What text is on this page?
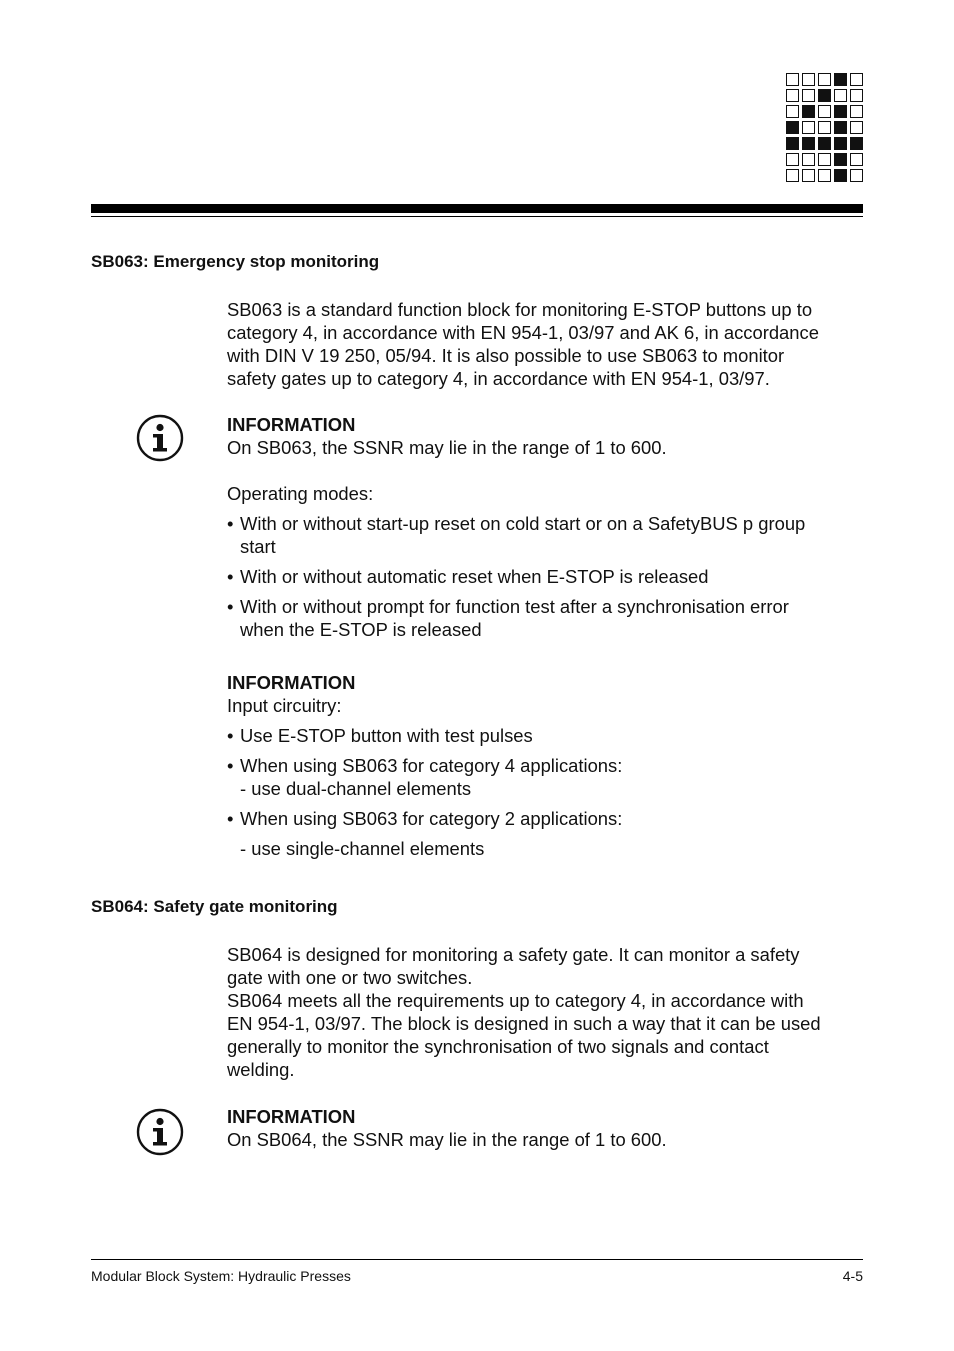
SB063: Emergency stop monitoring
SB063 is a standard function block for monitoring E-STOP buttons up to
category 4, in accordance with EN 954-1, 03/97 and AK 6, in accordance
with DIN V 19 250, 05/94. It is also possible to use SB063 to monitor
safety gates up to category 4, in accordance with EN 954-1, 03/97.
INFORMATION
On SB063, the SSNR may lie in the range of 1 to 600.
Operating modes:
• With or without start-up reset on cold start or on a SafetyBUS p group
start
• With or without automatic reset when E-STOP is released
• With or without prompt for function test after a synchronisation error
when the E-STOP is released
INFORMATION
Input circuitry:
• Use E-STOP button with test pulses
• When using SB063 for category 4 applications:
- use dual-channel elements
• When using SB063 for category 2 applications:
- use single-channel elements
SB064: Safety gate monitoring
SB064 is designed for monitoring a safety gate. It can monitor a safety
gate with one or two switches.
SB064 meets all the requirements up to category 4, in accordance with
EN 954-1, 03/97. The block is designed in such a way that it can be used
generally to monitor the synchronisation of two signals and contact
welding.
INFORMATION
On SB064, the SSNR may lie in the range of 1 to 600.
Modular Block System: Hydraulic Presses	4-5
